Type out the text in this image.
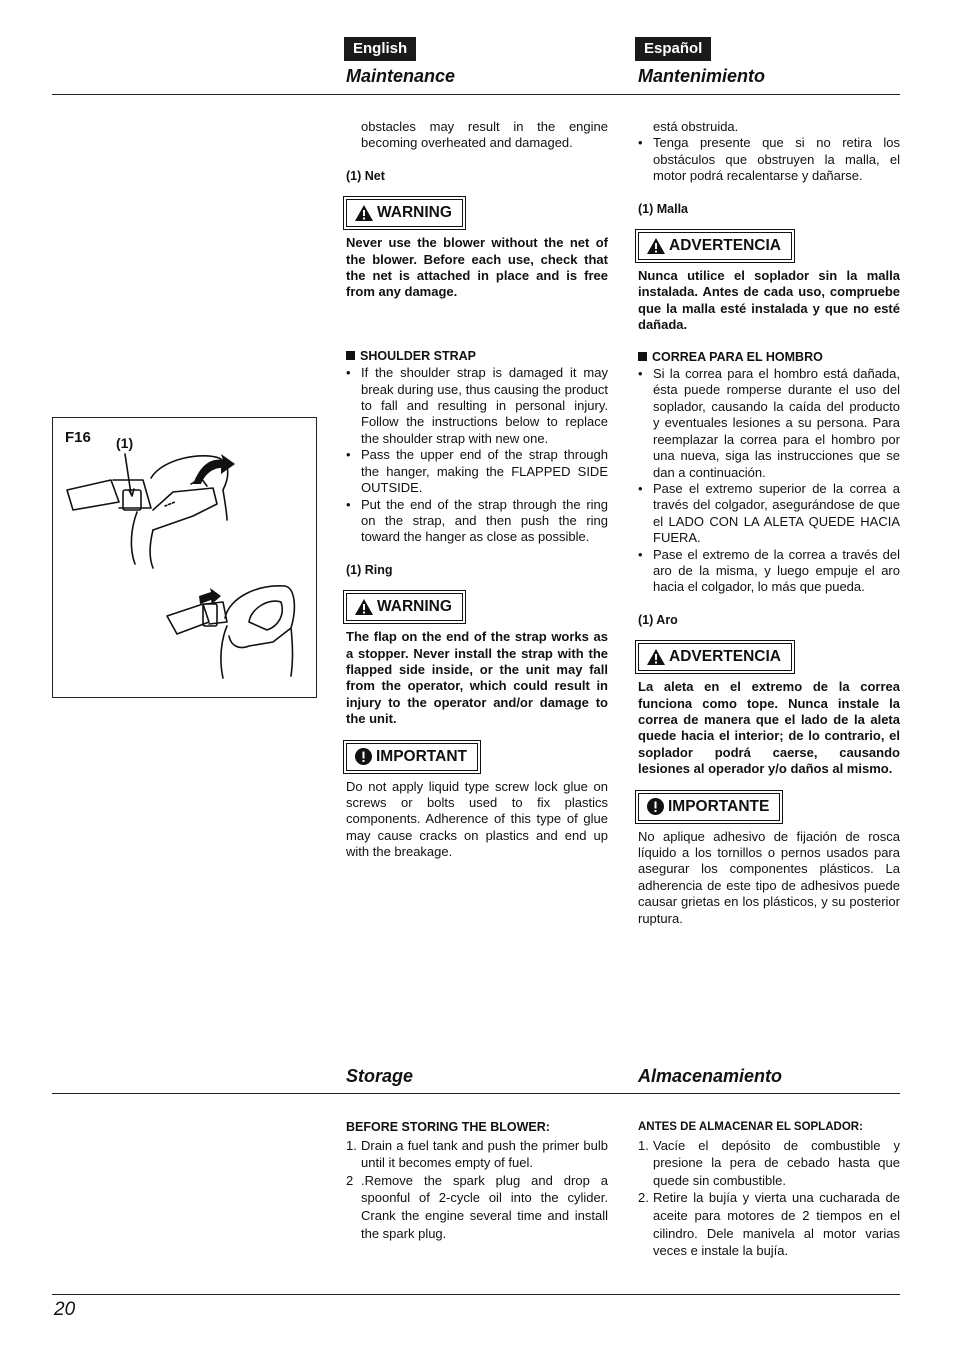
English	Español
Maintenance	Mantenimiento
F16 (1)

obstacles may result in the engine becoming overheated and damaged.

(1) Net

WARNING

Never use the blower without the net of the blower. Before each use, check that the net is attached in place and is free from any damage.

SHOULDER STRAP

• If the shoulder strap is damaged it may break during use, thus causing the product to fall and resulting in personal injury. Follow the instructions below to replace the shoulder strap with new one.
• Pass the upper end of the strap through the hanger, making the FLAPPED SIDE OUTSIDE.
• Put the end of the strap through the ring on the strap, and then push the ring toward the hanger as close as possible.

(1) Ring

WARNING

The flap on the end of the strap works as a stopper. Never install the strap with the flapped side inside, or the unit may fall from the operator, which could result in injury to the operator and/or damage to the unit.

IMPORTANT

Do not apply liquid type screw lock glue on screws or bolts used to fix plastics components. Adherence of this type of glue may cause cracks on plastics and end up with the breakage.

está obstruida.

• Tenga presente que si no retira los obstáculos que obstruyen la malla, el motor podrá recalentarse y dañarse.

(1) Malla

ADVERTENCIA

Nunca utilice el soplador sin la malla instalada. Antes de cada uso, compruebe que la malla esté instalada y que no esté dañada.

CORREA PARA EL HOMBRO

• Si la correa para el hombro está dañada, ésta puede romperse durante el uso del soplador, causando la caída del producto y eventuales lesiones a su persona. Para reemplazar la correa para el hombro por una nueva, siga las instrucciones que se dan a continuación.
• Pase el extremo superior de la correa a través del colgador, asegurándose de que el LADO CON LA ALETA QUEDE HACIA FUERA.
• Pase el extremo de la correa a través del aro de la misma, y luego empuje el aro hacia el colgador, lo más que pueda.

(1) Aro

ADVERTENCIA

La aleta en el extremo de la correa funciona como tope. Nunca instale la correa de manera que el lado de la aleta quede hacia el interior; de lo contrario, el soplador podrá caerse, causando lesiones al operador y/o daños al mismo.

IMPORTANTE

No aplique adhesivo de fijación de rosca líquido a los tornillos o pernos usados para asegurar los componentes plásticos. La adherencia de este tipo de adhesivos puede causar grietas en los plásticos, y su posterior ruptura.

Storage	Almacenamiento

BEFORE STORING THE BLOWER:

1. Drain a fuel tank and push the primer bulb until it becomes empty of fuel.
2 .Remove the spark plug and drop a spoonful of 2-cycle oil into the cylider. Crank the engine several time and install the spark plug.

ANTES DE ALMACENAR EL SOPLADOR:

1. Vacíe el depósito de combustible y presione la pera de cebado hasta que quede sin combustible.
2. Retire la bujía y vierta una cucharada de aceite para motores de 2 tiempos en el cilindro. Dele manivela al motor varias veces e instale la bujía.
20
